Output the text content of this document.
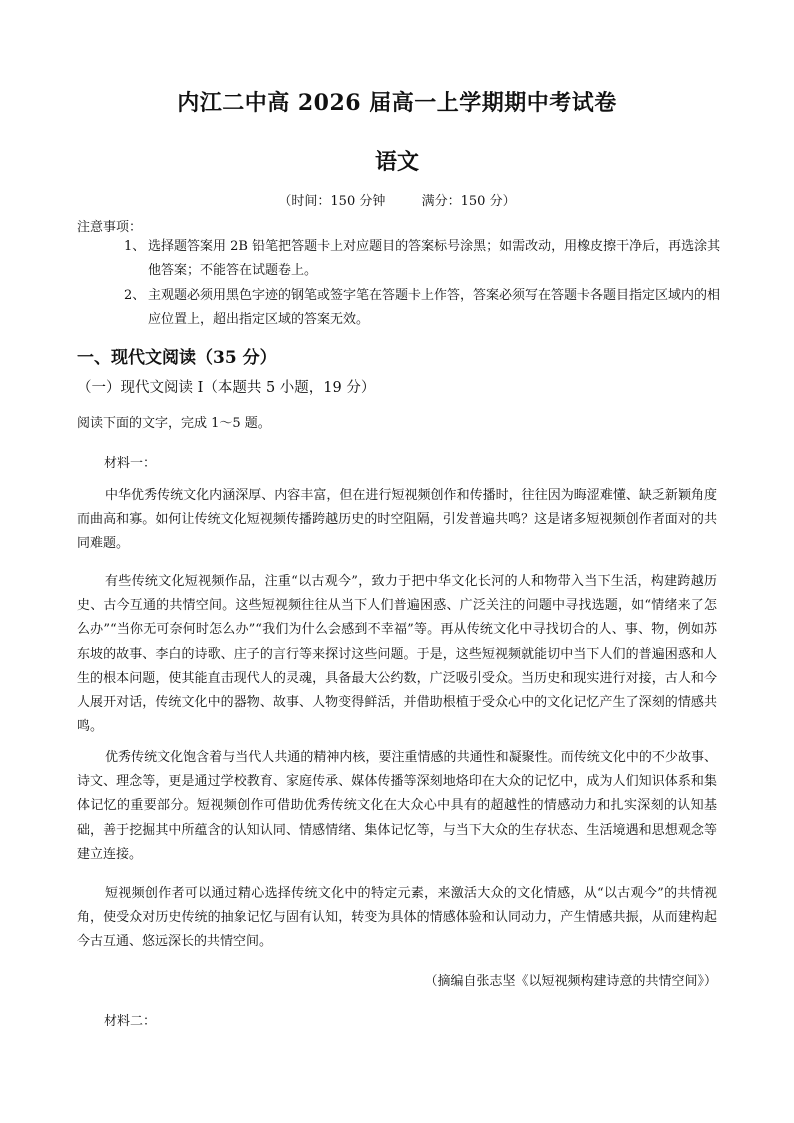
内江二中高 2026 届高一上学期期中考试卷
语文
（时间：150 分钟	满分：150 分）
注意事项：
1、 选择题答案用 2B 铅笔把答题卡上对应题目的答案标号涂黑；如需改动，用橡皮擦干净后，再选涂其他答案；不能答在试题卷上。
2、 主观题必须用黑色字迹的钢笔或签字笔在答题卡上作答，答案必须写在答题卡各题目指定区域内的相应位置上，超出指定区域的答案无效。
一、现代文阅读（35 分）
（一）现代文阅读 I（本题共 5 小题，19 分）
阅读下面的文字，完成 1～5 题。
材料一：

中华优秀传统文化内涵深厚、内容丰富，但在进行短视频创作和传播时，往往因为晦涩难懂、缺乏新颖角度而曲高和寡。如何让传统文化短视频传播跨越历史的时空阻隔，引发普遍共鸣？这是诸多短视频创作者面对的共同难题。

有些传统文化短视频作品，注重“以古观今”，致力于把中华文化长河的人和物带入当下生活，构建跨越历史、古今互通的共情空间。这些短视频往往从当下人们普遍困惑、广泛关注的问题中寻找选题，如“情绪来了怎么办”“当你无可奈何时怎么办”“我们为什么会感到不幸福”等。再从传统文化中寻找切合的人、事、物，例如苏东坡的故事、李白的诗歌、庄子的言行等来探讨这些问题。于是，这些短视频就能切中当下人们的普遍困惑和人生的根本问题，使其能直击现代人的灵魂，具备最大公约数，广泛吸引受众。当历史和现实进行对接，古人和今人展开对话，传统文化中的器物、故事、人物变得鲜活，并借助根植于受众心中的文化记忆产生了深刻的情感共鸣。

优秀传统文化饱含着与当代人共通的精神内核，要注重情感的共通性和凝聚性。而传统文化中的不少故事、诗文、理念等，更是通过学校教育、家庭传承、媒体传播等深刻地烙印在大众的记忆中，成为人们知识体系和集体记忆的重要部分。短视频创作可借助优秀传统文化在大众心中具有的超越性的情感动力和扎实深刻的认知基础，善于挖掘其中所蕴含的认知认同、情感情绪、集体记忆等，与当下大众的生存状态、生活境遇和思想观念等建立连接。

短视频创作者可以通过精心选择传统文化中的特定元素，来激活大众的文化情感，从“以古观今”的共情视角，使受众对历史传统的抽象记忆与固有认知，转变为具体的情感体验和认同动力，产生情感共振，从而建构起今古互通、悠远深长的共情空间。

（摘编自张志坚《以短视频构建诗意的共情空间》）
材料二：
